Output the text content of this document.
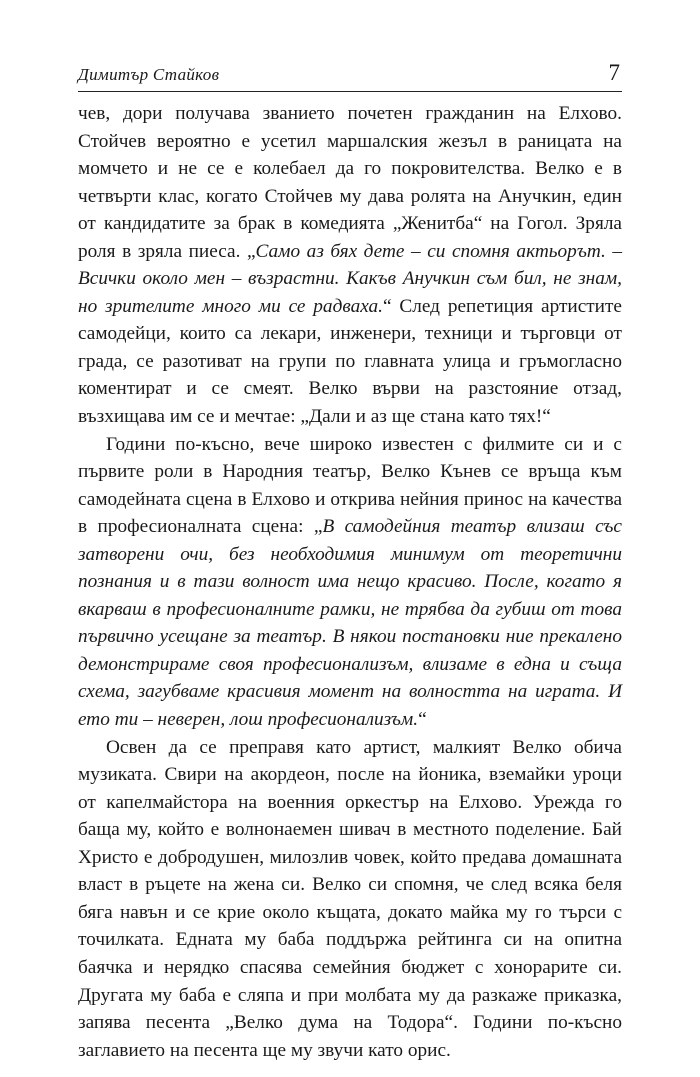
Димитър Стайков	7

чев, дори получава званието почетен гражданин на Елхово. Стойчев вероятно е усетил маршалския жезъл в раницата на момчето и не се е колебаел да го покровителства. Велко е в четвърти клас, когато Стойчев му дава ролята на Анучкин, един от кандидатите за брак в комедията „Женитба“ на Гогол. Зряла роля в зряла пиеса. „Само аз бях дете – си спомня актьорът. – Всички около мен – възрастни. Какъв Анучкин съм бил, не знам, но зрителите много ми се радваха.“ След репетиция артистите самодейци, които са лекари, инженери, техници и търговци от града, се разотиват на групи по главната улица и гръмогласно коментират и се смеят. Велко върви на разстояние отзад, възхищава им се и мечтае: „Дали и аз ще стана като тях!“

Години по-късно, вече широко известен с филмите си и с първите роли в Народния театър, Велко Кънев се връща към самодейната сцена в Елхово и открива нейния принос на качества в професионалната сцена: „В самодейния театър влизаш със затворени очи, без необходимия минимум от теоретични познания и в тази волност има нещо красиво. После, когато я вкарваш в професионалните рамки, не трябва да губиш от това първично усещане за театър. В някои постановки ние прекалено демонстрираме своя професионализъм, влизаме в една и съща схема, загубваме красивия момент на волността на играта. И ето ти – неверен, лош професионализъм.“

Освен да се преправя като артист, малкият Велко обича музиката. Свири на акордеон, после на йоника, вземайки уроци от капелмайстора на военния оркестър на Елхово. Урежда го баща му, който е волнонаемен шивач в местното поделение. Бай Христо е добродушен, милозлив човек, който предава домашната власт в ръцете на жена си. Велко си спомня, че след всяка беля бяга навън и се крие около къщата, докато майка му го търси с точилката. Едната му баба поддържа рейтинга си на опитна баячка и нерядко спасява семейния бюджет с хонорарите си. Другата му баба е сляпа и при молбата му да разкаже приказка, запява песента „Велко дума на Тодора“. Години по-късно заглавието на песента ще му звучи като орис.
